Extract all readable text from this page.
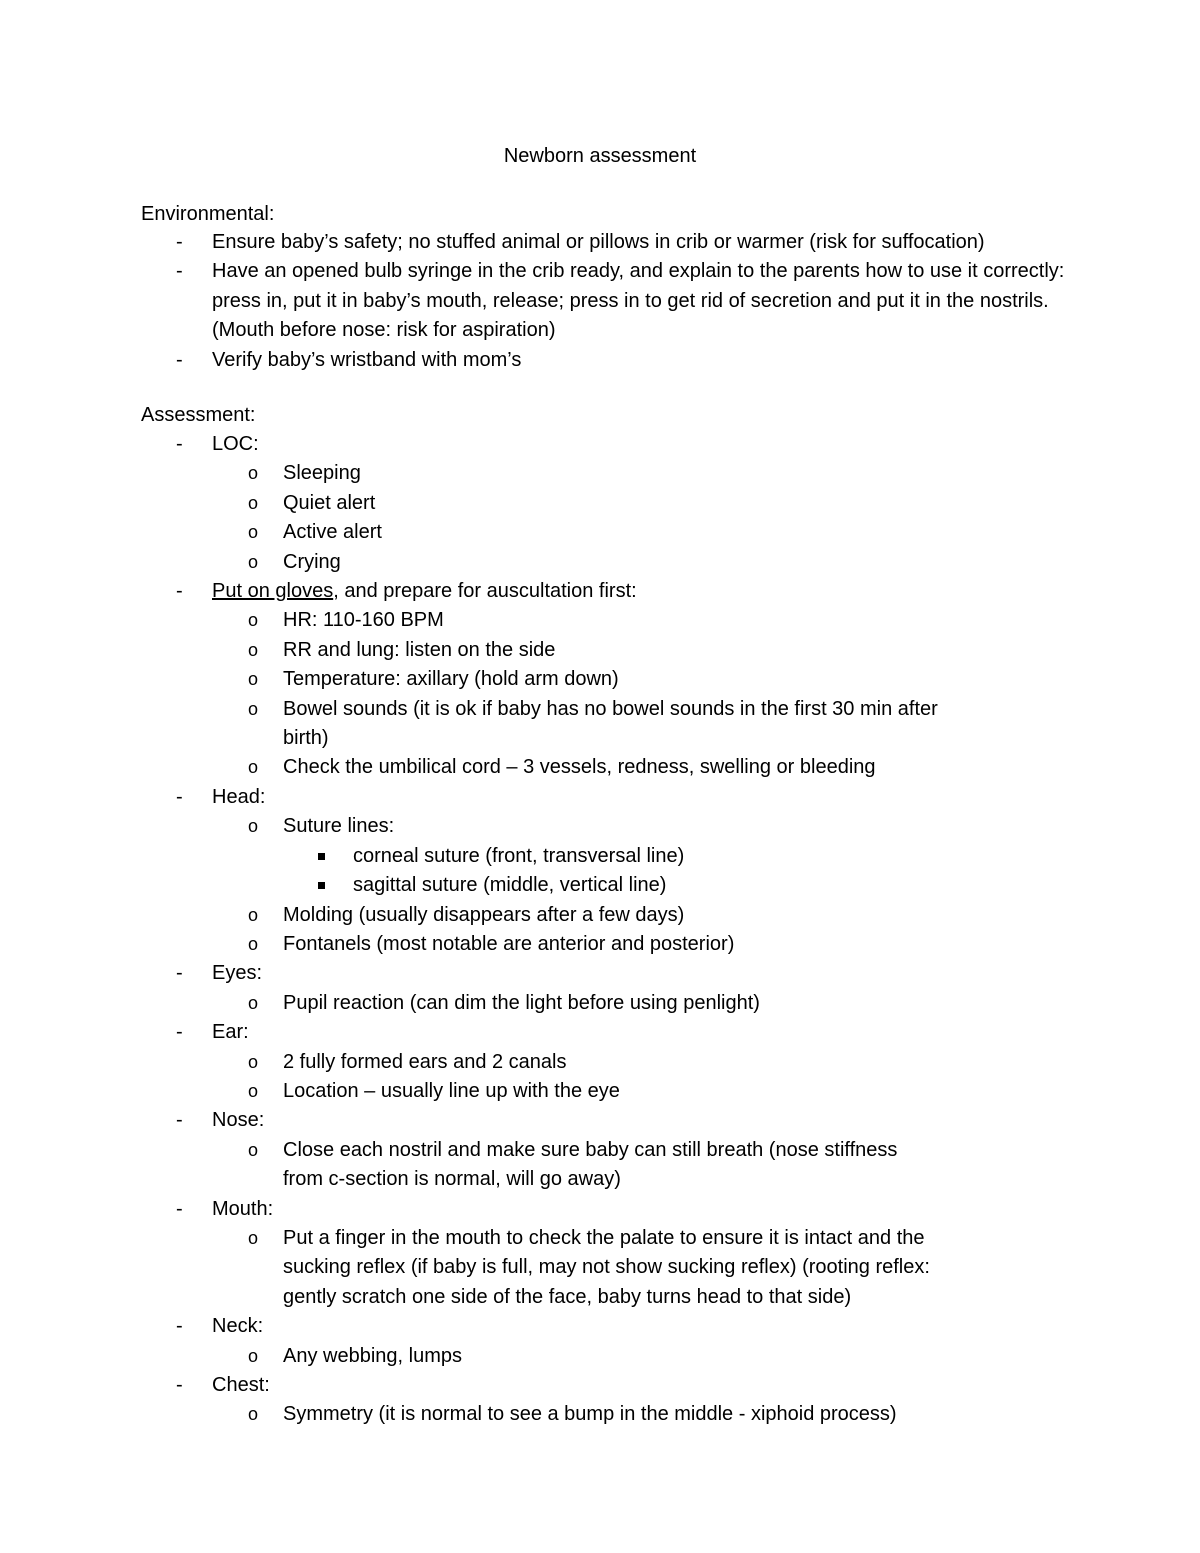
Newborn assessment

Environmental:

-	Ensure baby’s safety; no stuffed animal or pillows in crib or warmer (risk for suffocation)
-	Have an opened bulb syringe in the crib ready, and explain to the parents how to use it correctly: press in, put it in baby’s mouth, release; press in to get rid of secretion and put it in the nostrils. (Mouth before nose: risk for aspiration)
-	Verify baby’s wristband with mom’s

Assessment:

-	LOC:
o	Sleeping
o	Quiet alert
o	Active alert
o	Crying
-	Put on gloves, and prepare for auscultation first:
o	HR: 110-160 BPM
o	RR and lung: listen on the side
o	Temperature: axillary (hold arm down)
o	Bowel sounds (it is ok if baby has no bowel sounds in the first 30 min after birth)
o	Check the umbilical cord – 3 vessels, redness, swelling or bleeding
-	Head:
o	Suture lines:
corneal suture (front, transversal line)
sagittal suture (middle, vertical line)
o	Molding (usually disappears after a few days)
o	Fontanels (most notable are anterior and posterior)
-	Eyes:
o	Pupil reaction (can dim the light before using penlight)
-	Ear:
o	2 fully formed ears and 2 canals
o	Location – usually line up with the eye
-	Nose:
o	Close each nostril and make sure baby can still breath (nose stiffness from c-section is normal, will go away)
-	Mouth:
o	Put a finger in the mouth to check the palate to ensure it is intact and the sucking reflex (if baby is full, may not show sucking reflex) (rooting reflex: gently scratch one side of the face, baby turns head to that side)
-	Neck:
o	Any webbing, lumps
-	Chest:
o	Symmetry (it is normal to see a bump in the middle - xiphoid process)
